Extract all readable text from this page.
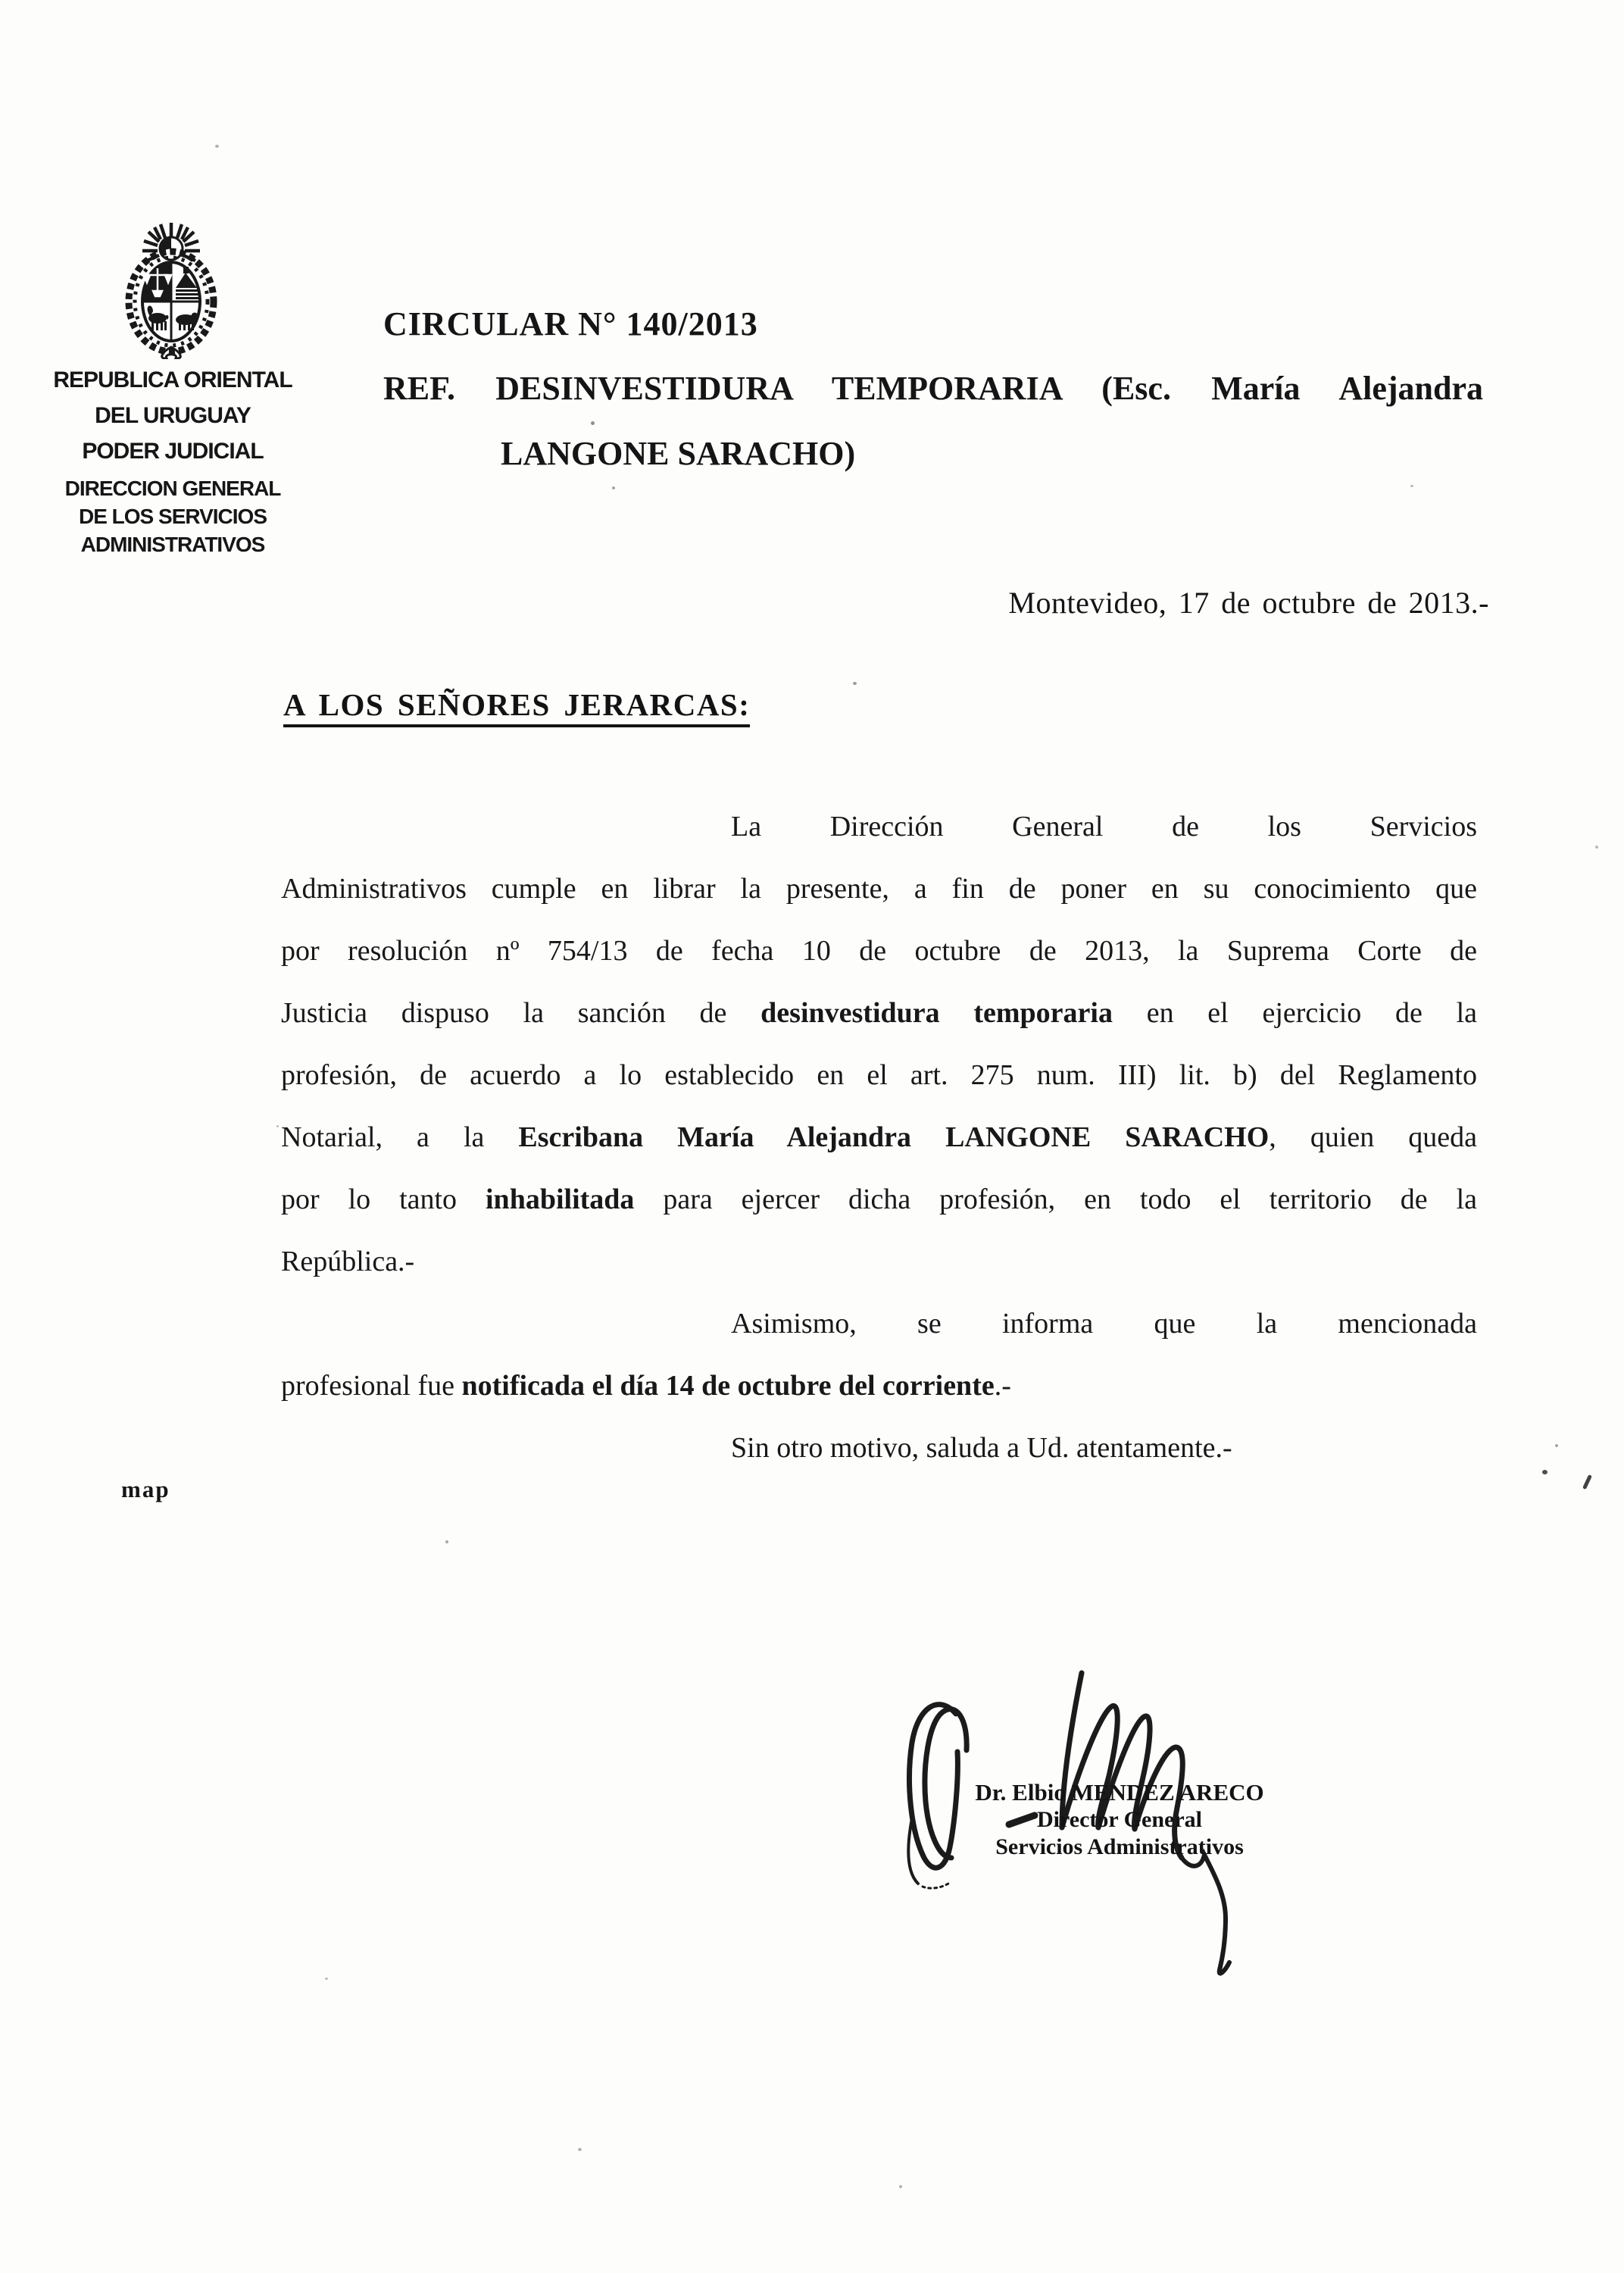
REPUBLICA ORIENTAL
DEL URUGUAY
PODER JUDICIAL
DIRECCION GENERAL
DE LOS SERVICIOS
ADMINISTRATIVOS
CIRCULAR N° 140/2013
REF. DESINVESTIDURA TEMPORARIA (Esc. María Alejandra
LANGONE SARACHO)
Montevideo, 17 de octubre de 2013.-
A LOS SEÑORES JERARCAS:
La Dirección General de los Servicios
Administrativos cumple en librar la presente, a fin de poner en su conocimiento que
por resolución nº 754/13 de fecha 10 de octubre de 2013, la Suprema Corte de
Justicia dispuso la sanción de desinvestidura temporaria en el ejercicio de la
profesión, de acuerdo a lo establecido en el art. 275 num. III) lit. b) del Reglamento
Notarial, a la Escribana María Alejandra LANGONE SARACHO, quien queda
por lo tanto inhabilitada para ejercer dicha profesión, en todo el territorio de la
República.-
Asimismo, se informa que la mencionada
profesional fue notificada el día 14 de octubre del corriente.-
Sin otro motivo, saluda a Ud. atentamente.-
map
Dr. Elbio MENDEZ ARECO
Director General
Servicios Administrativos
